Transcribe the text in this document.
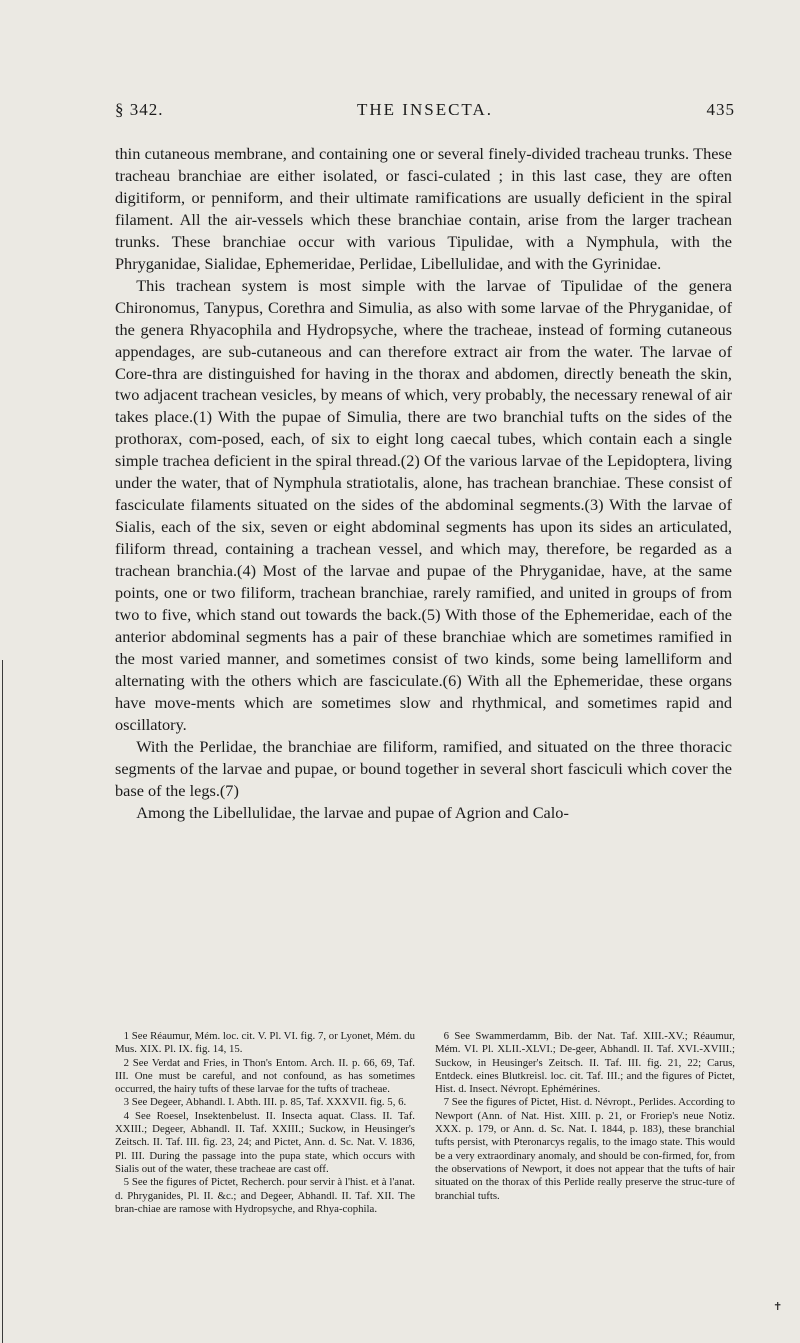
§ 342.	THE INSECTA.	435

thin cutaneous membrane, and containing one or several finely-divided tracheau trunks. These tracheau branchiae are either isolated, or fasci-culated ; in this last case, they are often digitiform, or penniform, and their ultimate ramifications are usually deficient in the spiral filament. All the air-vessels which these branchiae contain, arise from the larger trachean trunks. These branchiae occur with various Tipulidae, with a Nymphula, with the Phryganidae, Sialidae, Ephemeridae, Perlidae, Libellulidae, and with the Gyrinidae.

This trachean system is most simple with the larvae of Tipulidae of the genera Chironomus, Tanypus, Corethra and Simulia, as also with some larvae of the Phryganidae, of the genera Rhyacophila and Hydropsyche, where the tracheae, instead of forming cutaneous appendages, are sub-cutaneous and can therefore extract air from the water. The larvae of Core-thra are distinguished for having in the thorax and abdomen, directly beneath the skin, two adjacent trachean vesicles, by means of which, very probably, the necessary renewal of air takes place.(1) With the pupae of Simulia, there are two branchial tufts on the sides of the prothorax, com-posed, each, of six to eight long caecal tubes, which contain each a single simple trachea deficient in the spiral thread.(2) Of the various larvae of the Lepidoptera, living under the water, that of Nymphula stratiotalis, alone, has trachean branchiae. These consist of fasciculate filaments situated on the sides of the abdominal segments.(3) With the larvae of Sialis, each of the six, seven or eight abdominal segments has upon its sides an articulated, filiform thread, containing a trachean vessel, and which may, therefore, be regarded as a trachean branchia.(4) Most of the larvae and pupae of the Phryganidae, have, at the same points, one or two filiform, trachean branchiae, rarely ramified, and united in groups of from two to five, which stand out towards the back.(5) With those of the Ephemeridae, each of the anterior abdominal segments has a pair of these branchiae which are sometimes ramified in the most varied manner, and sometimes consist of two kinds, some being lamelliform and alternating with the others which are fasciculate.(6) With all the Ephemeridae, these organs have move-ments which are sometimes slow and rhythmical, and sometimes rapid and oscillatory.

With the Perlidae, the branchiae are filiform, ramified, and situated on the three thoracic segments of the larvae and pupae, or bound together in several short fasciculi which cover the base of the legs.(7)

Among the Libellulidae, the larvae and pupae of Agrion and Calo-

1 See Réaumur, Mém. loc. cit. V. Pl. VI. fig. 7, or Lyonet, Mém. du Mus. XIX. Pl. IX. fig. 14, 15.

2 See Verdat and Fries, in Thon's Entom. Arch. II. p. 66, 69, Taf. III. One must be careful, and not confound, as has sometimes occurred, the hairy tufts of these larvae for the tufts of tracheae.

3 See Degeer, Abhandl. I. Abth. III. p. 85, Taf. XXXVII. fig. 5, 6.

4 See Roesel, Insektenbelust. II. Insecta aquat. Class. II. Taf. XXIII.; Degeer, Abhandl. II. Taf. XXIII.; Suckow, in Heusinger's Zeitsch. II. Taf. III. fig. 23, 24; and Pictet, Ann. d. Sc. Nat. V. 1836, Pl. III. During the passage into the pupa state, which occurs with Sialis out of the water, these tracheae are cast off.

5 See the figures of Pictet, Recherch. pour servir à l'hist. et à l'anat. d. Phryganides, Pl. II. &c.; and Degeer, Abhandl. II. Taf. XII. The bran-chiae are ramose with Hydropsyche, and Rhya-cophila.

6 See Swammerdamm, Bib. der Nat. Taf. XIII.-XV.; Réaumur, Mém. VI. Pl. XLII.-XLVI.; De-geer, Abhandl. II. Taf. XVI.-XVIII.; Suckow, in Heusinger's Zeitsch. II. Taf. III. fig. 21, 22; Carus, Entdeck. eines Blutkreisl. loc. cit. Taf. III.; and the figures of Pictet, Hist. d. Insect. Névropt. Ephémérines.

7 See the figures of Pictet, Hist. d. Névropt., Perlides. According to Newport (Ann. of Nat. Hist. XIII. p. 21, or Froriep's neue Notiz. XXX. p. 179, or Ann. d. Sc. Nat. I. 1844, p. 183), these branchial tufts persist, with Pteronarcys regalis, to the imago state. This would be a very extraordinary anomaly, and should be con-firmed, for, from the observations of Newport, it does not appear that the tufts of hair situated on the thorax of this Perlide really preserve the struc-ture of branchial tufts.

✝
